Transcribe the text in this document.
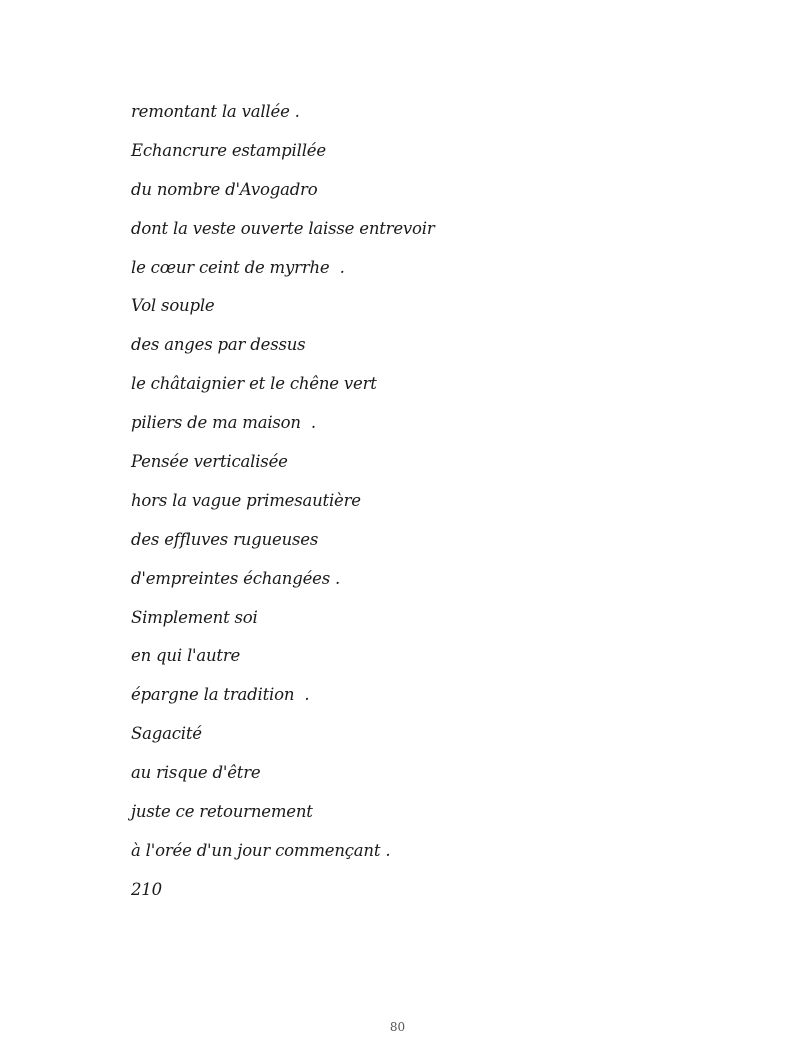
remontant la vallée .
Echancrure estampillée
du nombre d'Avogadro
dont la veste ouverte laisse entrevoir
le cœur ceint de myrrhe  .
Vol souple
des anges par dessus
le châtaignier et le chêne vert
piliers de ma maison  .
Pensée verticalisée
hors la vague primesautière
des effluves rugueuses
d'empreintes échangées .
Simplement soi
en qui l'autre
épargne la tradition  .
Sagacité
au risque d'être
juste ce retournement
à l'orée d'un jour commençant .
210
80
